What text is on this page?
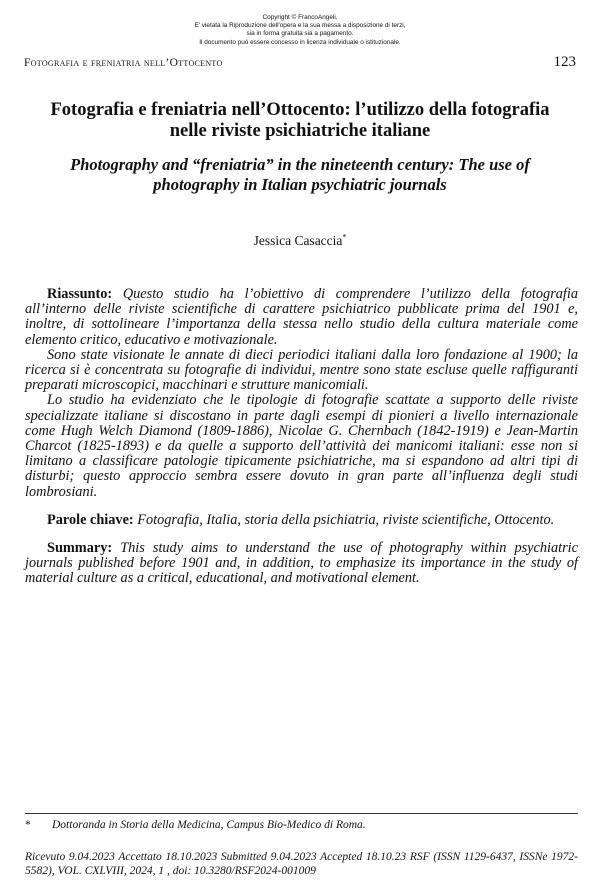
Copyright © FrancoAngeli.
E' vietata la Riproduzione dell'opera e la sua messa a disposizione di terzi,
sia in forma gratuita sia a pagamento.
Il documento può essere concesso in licenza individuale o istituzionale.
Fotografia e freniatria nell’Ottocento	123
Fotografia e freniatria nell’Ottocento: l’utilizzo della fotografia nelle riviste psichiatriche italiane
Photography and “freniatria” in the nineteenth century: The use of photography in Italian psychiatric journals
Jessica Casaccia*

Riassunto: Questo studio ha l’obiettivo di comprendere l’utilizzo della fotografia all’interno delle riviste scientifiche di carattere psichiatrico pubblicate prima del 1901 e, inoltre, di sottolineare l’importanza della stessa nello studio della cultura materiale come elemento critico, educativo e motivazionale.

Sono state visionate le annate di dieci periodici italiani dalla loro fondazione al 1900; la ricerca si è concentrata su fotografie di individui, mentre sono state escluse quelle raffiguranti preparati microscopici, macchinari e strutture manicomiali.

Lo studio ha evidenziato che le tipologie di fotografie scattate a supporto delle riviste specializzate italiane si discostano in parte dagli esempi di pionieri a livello internazionale come Hugh Welch Diamond (1809-1886), Nicolae G. Chernbach (1842-1919) e Jean-Martin Charcot (1825-1893) e da quelle a supporto dell’attività dei manicomi italiani: esse non si limitano a classificare patologie tipicamente psichiatriche, ma si espandono ad altri tipi di disturbi; questo approccio sembra essere dovuto in gran parte all’influenza degli studi lombrosiani.

Parole chiave: Fotografia, Italia, storia della psichiatria, riviste scientifiche, Ottocento.

Summary: This study aims to understand the use of photography within psychiatric journals published before 1901 and, in addition, to emphasize its importance in the study of material culture as a critical, educational, and motivational element.

*	Dottoranda in Storia della Medicina, Campus Bio-Medico di Roma.
Ricevuto 9.04.2023 Accettato 18.10.2023 Submitted 9.04.2023 Accepted 18.10.23 RSF (ISSN 1129-6437, ISSNe 1972-5582), VOL. CXLVIII, 2024, 1 , doi: 10.3280/RSF2024-001009
